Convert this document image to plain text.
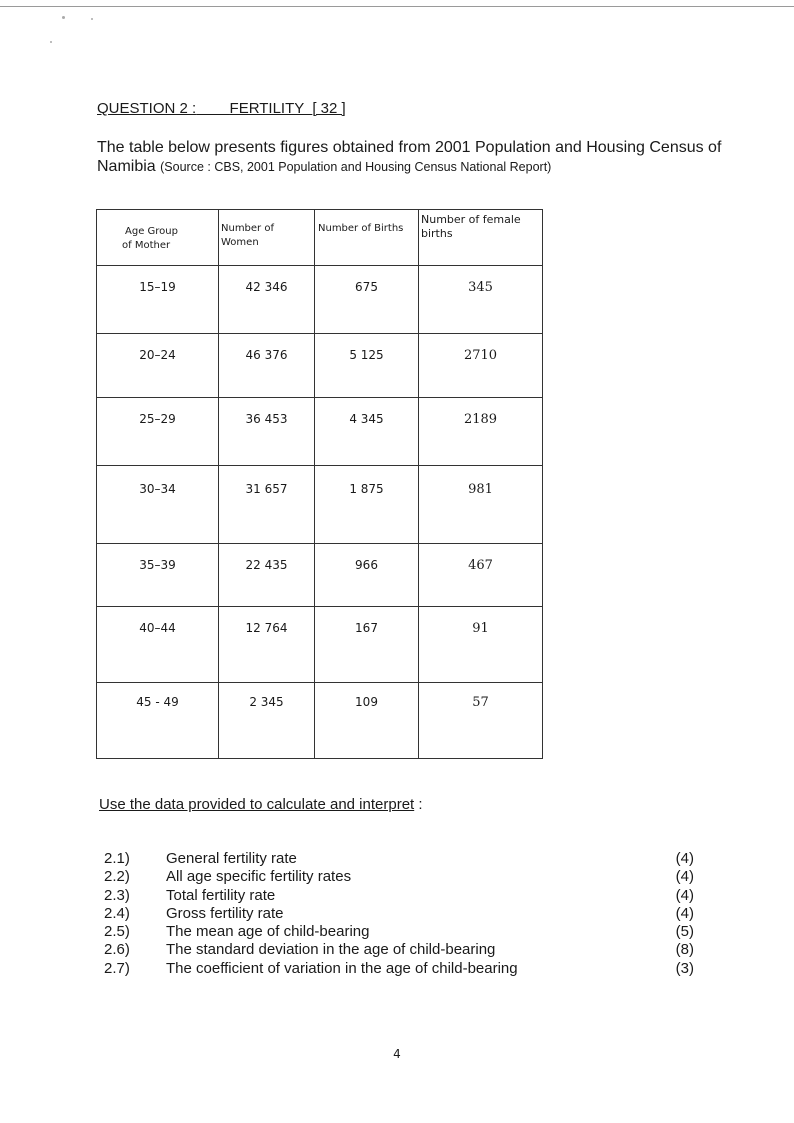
QUESTION 2 : FERTILITY [ 32 ]
The table below presents figures obtained from 2001 Population and Housing Census of Namibia (Source : CBS, 2001 Population and Housing Census National Report)
Age Group
of Mother	Number of Women	Number of Births	Number of female births
15–19	42 346	675	345
20–24	46 376	5 125	2710
25–29	36 453	4 345	2189
30–34	31 657	1 875	981
35–39	22 435	966	467
40–44	12 764	167	91
45 - 49	2 345	109	57
Use the data provided to calculate and interpret :
2.1) General fertility rate	(4)
2.2) All age specific fertility rates	(4)
2.3) Total fertility rate	(4)
2.4) Gross fertility rate	(4)
2.5) The mean age of child-bearing	(5)
2.6) The standard deviation in the age of child-bearing	(8)
2.7) The coefficient of variation in the age of child-bearing	(3)
4
